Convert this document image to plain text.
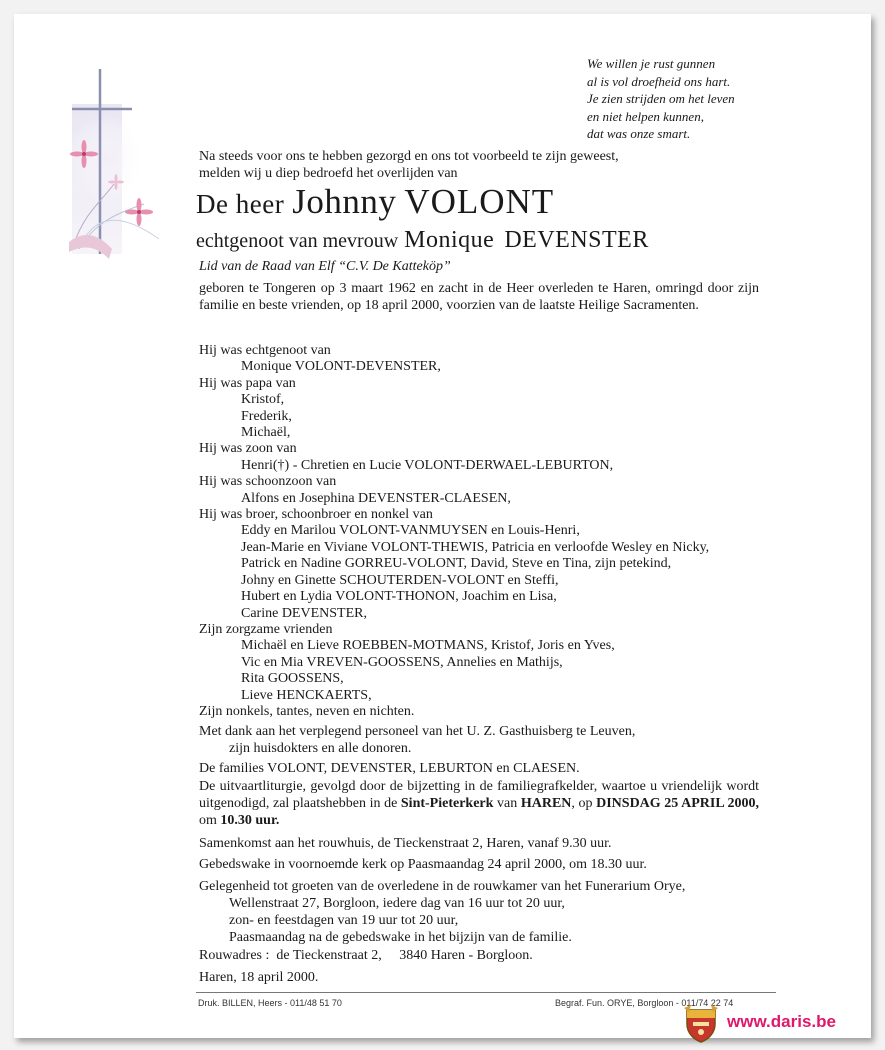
We willen je rust gunnen
al is vol droefheid ons hart.
Je zien strijden om het leven
en niet helpen kunnen,
dat was onze smart.
Na steeds voor ons te hebben gezorgd en ons tot voorbeeld te zijn geweest,
melden wij u diep bedroefd het overlijden van
De heer Johnny VOLONT
echtgenoot van mevrouw Monique DEVENSTER
Lid van de Raad van Elf “C.V. De Katteköp”
geboren te Tongeren op 3 maart 1962 en zacht in de Heer overleden te Haren, omringd door zijn familie en beste vrienden, op 18 april 2000, voorzien van de laatste Heilige Sacramenten.
Hij was echtgenoot van
Monique VOLONT-DEVENSTER,
Hij was papa van
Kristof,
Frederik,
Michaël,
Hij was zoon van
Henri(†) - Chretien en Lucie VOLONT-DERWAEL-LEBURTON,
Hij was schoonzoon van
Alfons en Josephina DEVENSTER-CLAESEN,
Hij was broer, schoonbroer en nonkel van
Eddy en Marilou VOLONT-VANMUYSEN en Louis-Henri,
Jean-Marie en Viviane VOLONT-THEWIS, Patricia en verloofde Wesley en Nicky,
Patrick en Nadine GORREU-VOLONT, David, Steve en Tina, zijn petekind,
Johny en Ginette SCHOUTERDEN-VOLONT en Steffi,
Hubert en Lydia VOLONT-THONON, Joachim en Lisa,
Carine DEVENSTER,
Zijn zorgzame vrienden
Michaël en Lieve ROEBBEN-MOTMANS, Kristof, Joris en Yves,
Vic en Mia VREVEN-GOOSSENS, Annelies en Mathijs,
Rita GOOSSENS,
Lieve HENCKAERTS,
Zijn nonkels, tantes, neven en nichten.
Met dank aan het verplegend personeel van het U. Z. Gasthuisberg te Leuven,
zijn huisdokters en alle donoren.
De families VOLONT, DEVENSTER, LEBURTON en CLAESEN.
De uitvaartliturgie, gevolgd door de bijzetting in de familiegrafkelder, waartoe u vriendelijk wordt uitgenodigd, zal plaatshebben in de Sint-Pieterkerk van HAREN, op DINSDAG 25 APRIL 2000, om 10.30 uur.
Samenkomst aan het rouwhuis, de Tieckenstraat 2, Haren, vanaf 9.30 uur.
Gebedswake in voornoemde kerk op Paasmaandag 24 april 2000, om 18.30 uur.
Gelegenheid tot groeten van de overledene in de rouwkamer van het Funerarium Orye,
Wellenstraat 27, Borgloon, iedere dag van 16 uur tot 20 uur,
zon- en feestdagen van 19 uur tot 20 uur,
Paasmaandag na de gebedswake in het bijzijn van de familie.
Rouwadres :  de Tieckenstraat 2,     3840 Haren - Borgloon.
Haren, 18 april 2000.
Druk. BILLEN, Heers - 011/48 51 70	Begraf. Fun. ORYE, Borgloon - 011/74 22 74
www.daris.be
